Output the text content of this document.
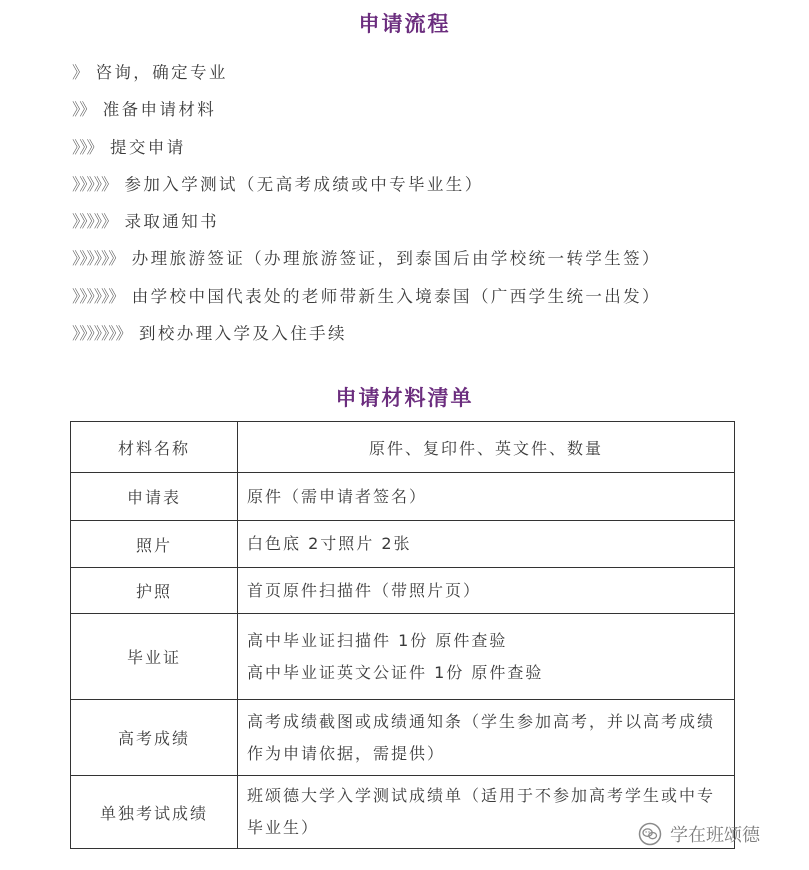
申请流程
》 咨询，确定专业
》》 准备申请材料
》》》 提交申请
》》》》》 参加入学测试（无高考成绩或中专毕业生）
》》》》》 录取通知书
》》》》》》 办理旅游签证（办理旅游签证，到泰国后由学校统一转学生签）
》》》》》》 由学校中国代表处的老师带新生入境泰国（广西学生统一出发）
》》》》》》》 到校办理入学及入住手续
申请材料清单
材料名称	原件、复印件、英文件、数量
申请表	原件（需申请者签名）

照片	白色底 2寸照片 2张

护照	首页原件扫描件（带照片页）

毕业证	高中毕业证扫描件 1份 原件查验
高中毕业证英文公证件 1份 原件查验

高考成绩	高考成绩截图或成绩通知条（学生参加高考，并以高考成绩作为申请依据，需提供）

单独考试成绩	班颂德大学入学测试成绩单（适用于不参加高考学生或中专毕业生）	学在班颂德
